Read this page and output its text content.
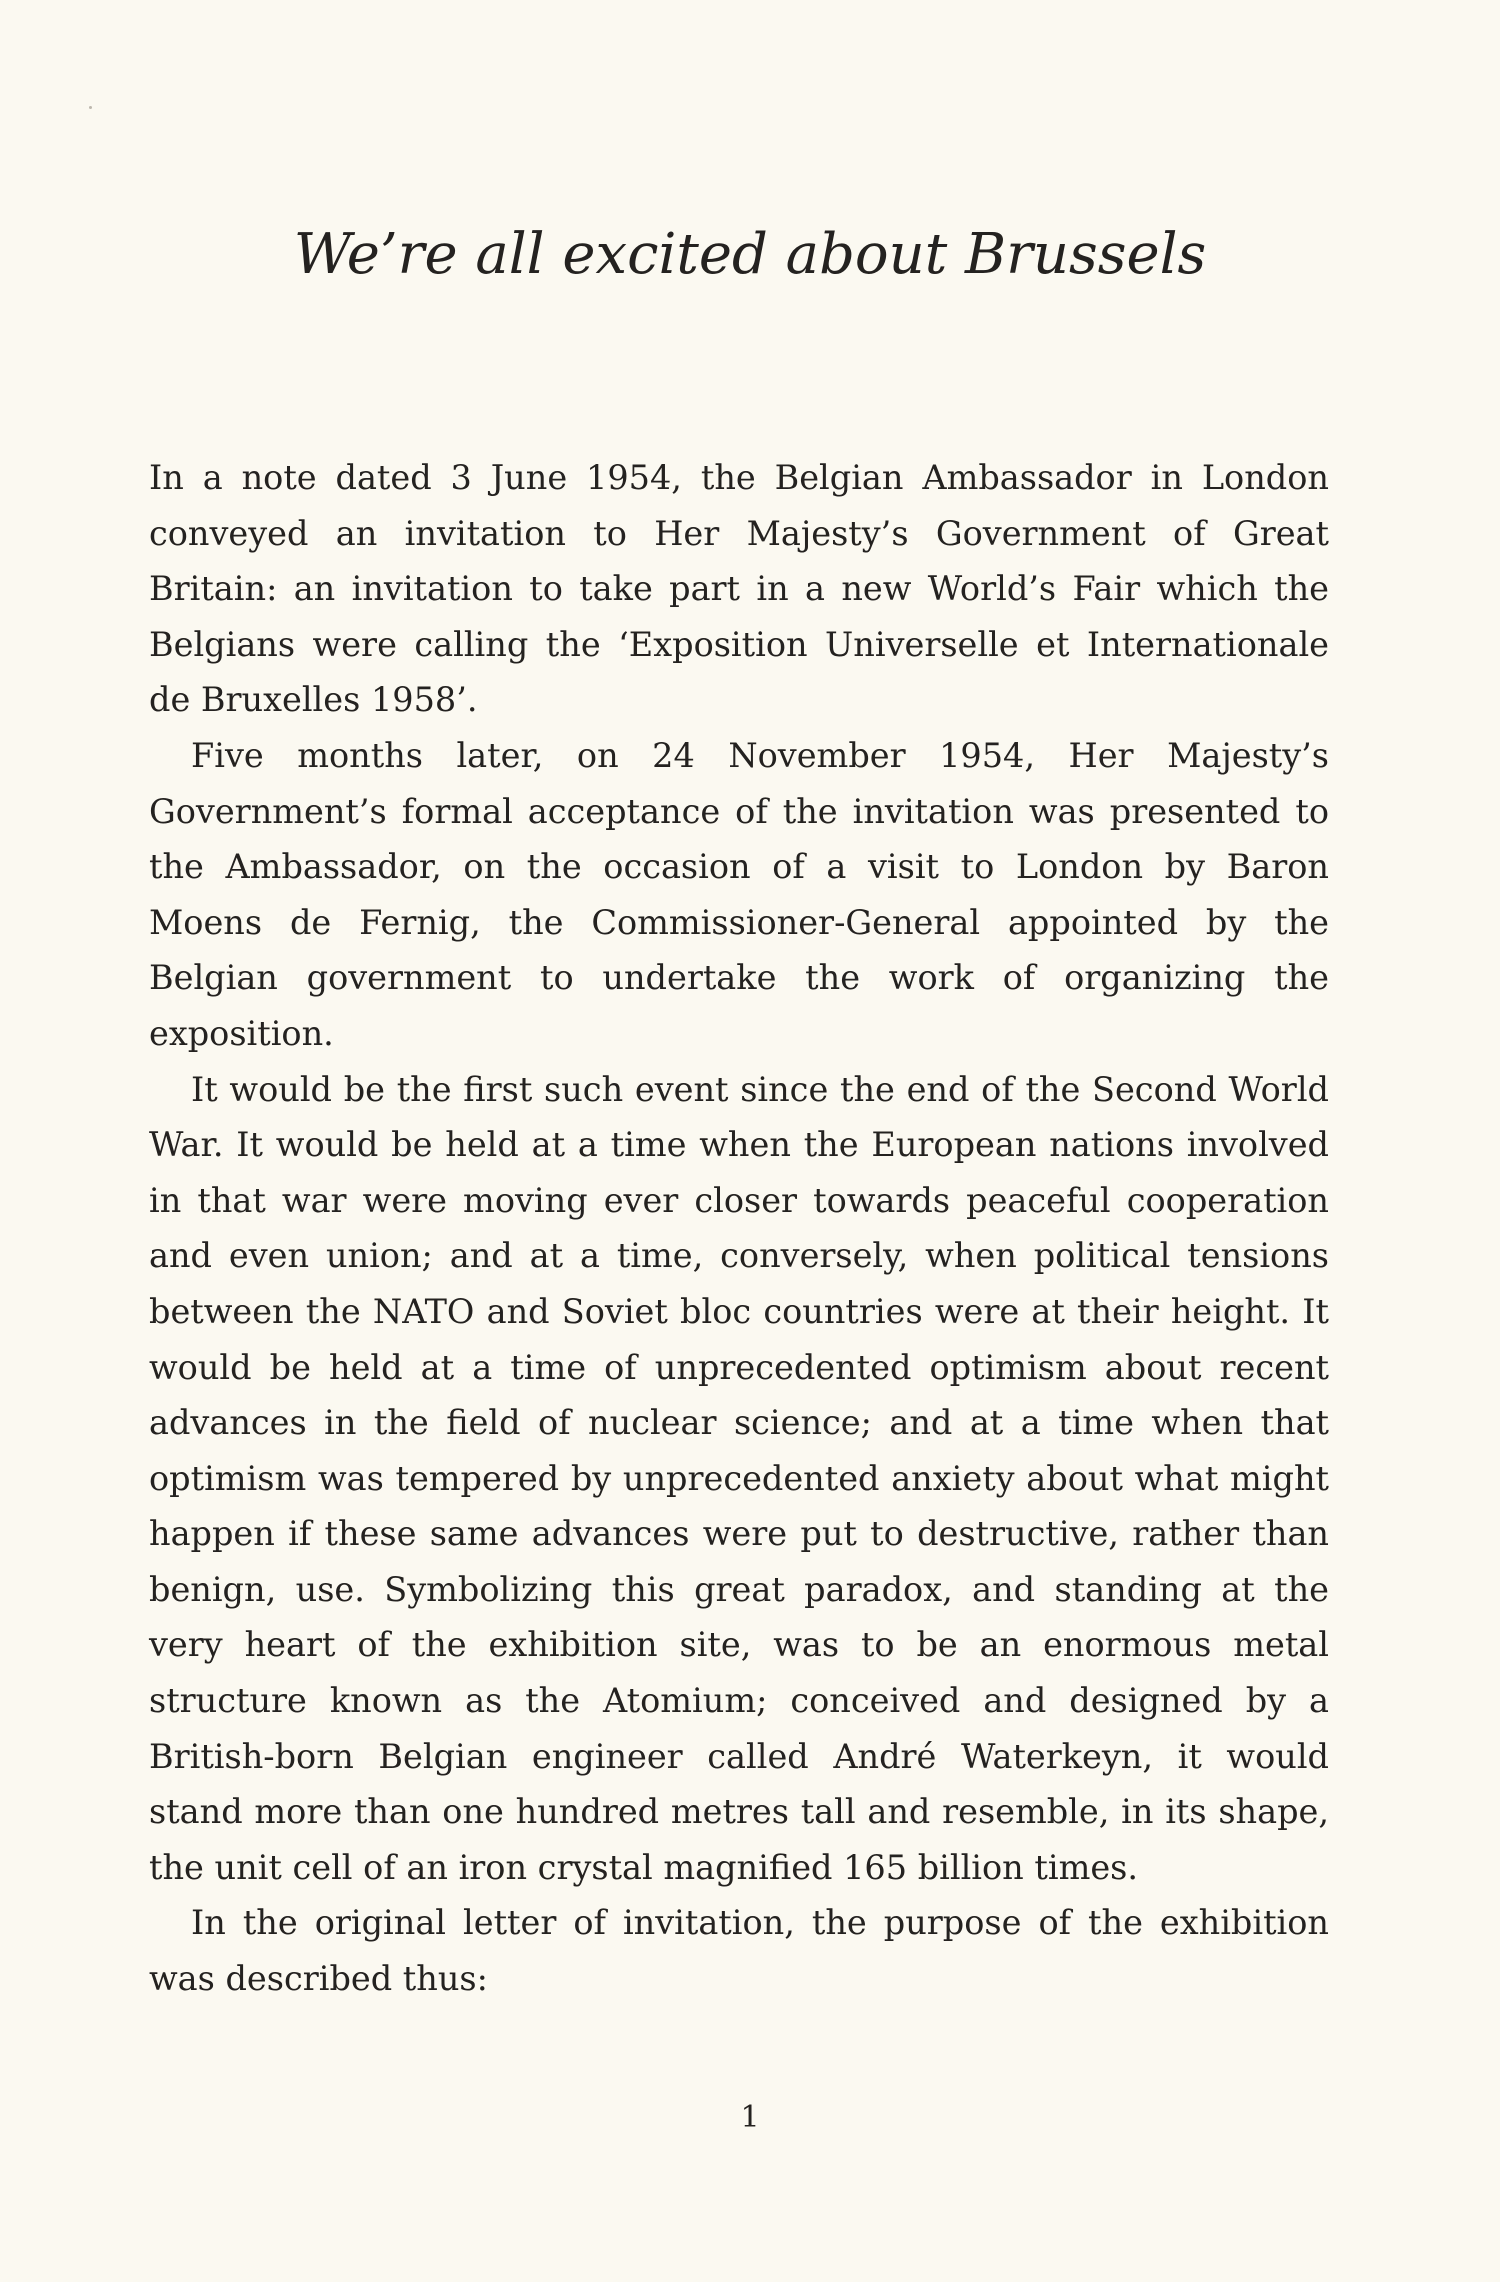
We’re all excited about Brussels

In a note dated 3 June 1954, the Belgian Ambassador in London conveyed an invitation to Her Majesty’s Government of Great Britain: an invitation to take part in a new World’s Fair which the Belgians were calling the ‘Exposition Universelle et Internationale de Bruxelles 1958’.

Five months later, on 24 November 1954, Her Majesty’s Government’s formal acceptance of the invitation was presented to the Ambassador, on the occasion of a visit to London by Baron Moens de Fernig, the Commissioner-General appointed by the Belgian government to undertake the work of organizing the exposition.

It would be the first such event since the end of the Second World War. It would be held at a time when the European nations involved in that war were moving ever closer towards peaceful cooperation and even union; and at a time, conversely, when political tensions between the NATO and Soviet bloc countries were at their height. It would be held at a time of unprecedented optimism about recent advances in the field of nuclear science; and at a time when that optimism was tempered by unprecedented anxiety about what might happen if these same advances were put to destructive, rather than benign, use. Symbolizing this great paradox, and standing at the very heart of the exhibition site, was to be an enormous metal structure known as the Atomium; conceived and designed by a British-born Belgian engineer called André Waterkeyn, it would stand more than one hundred metres tall and resemble, in its shape, the unit cell of an iron crystal magnified 165 billion times.

In the original letter of invitation, the purpose of the exhibition was described thus:

1
